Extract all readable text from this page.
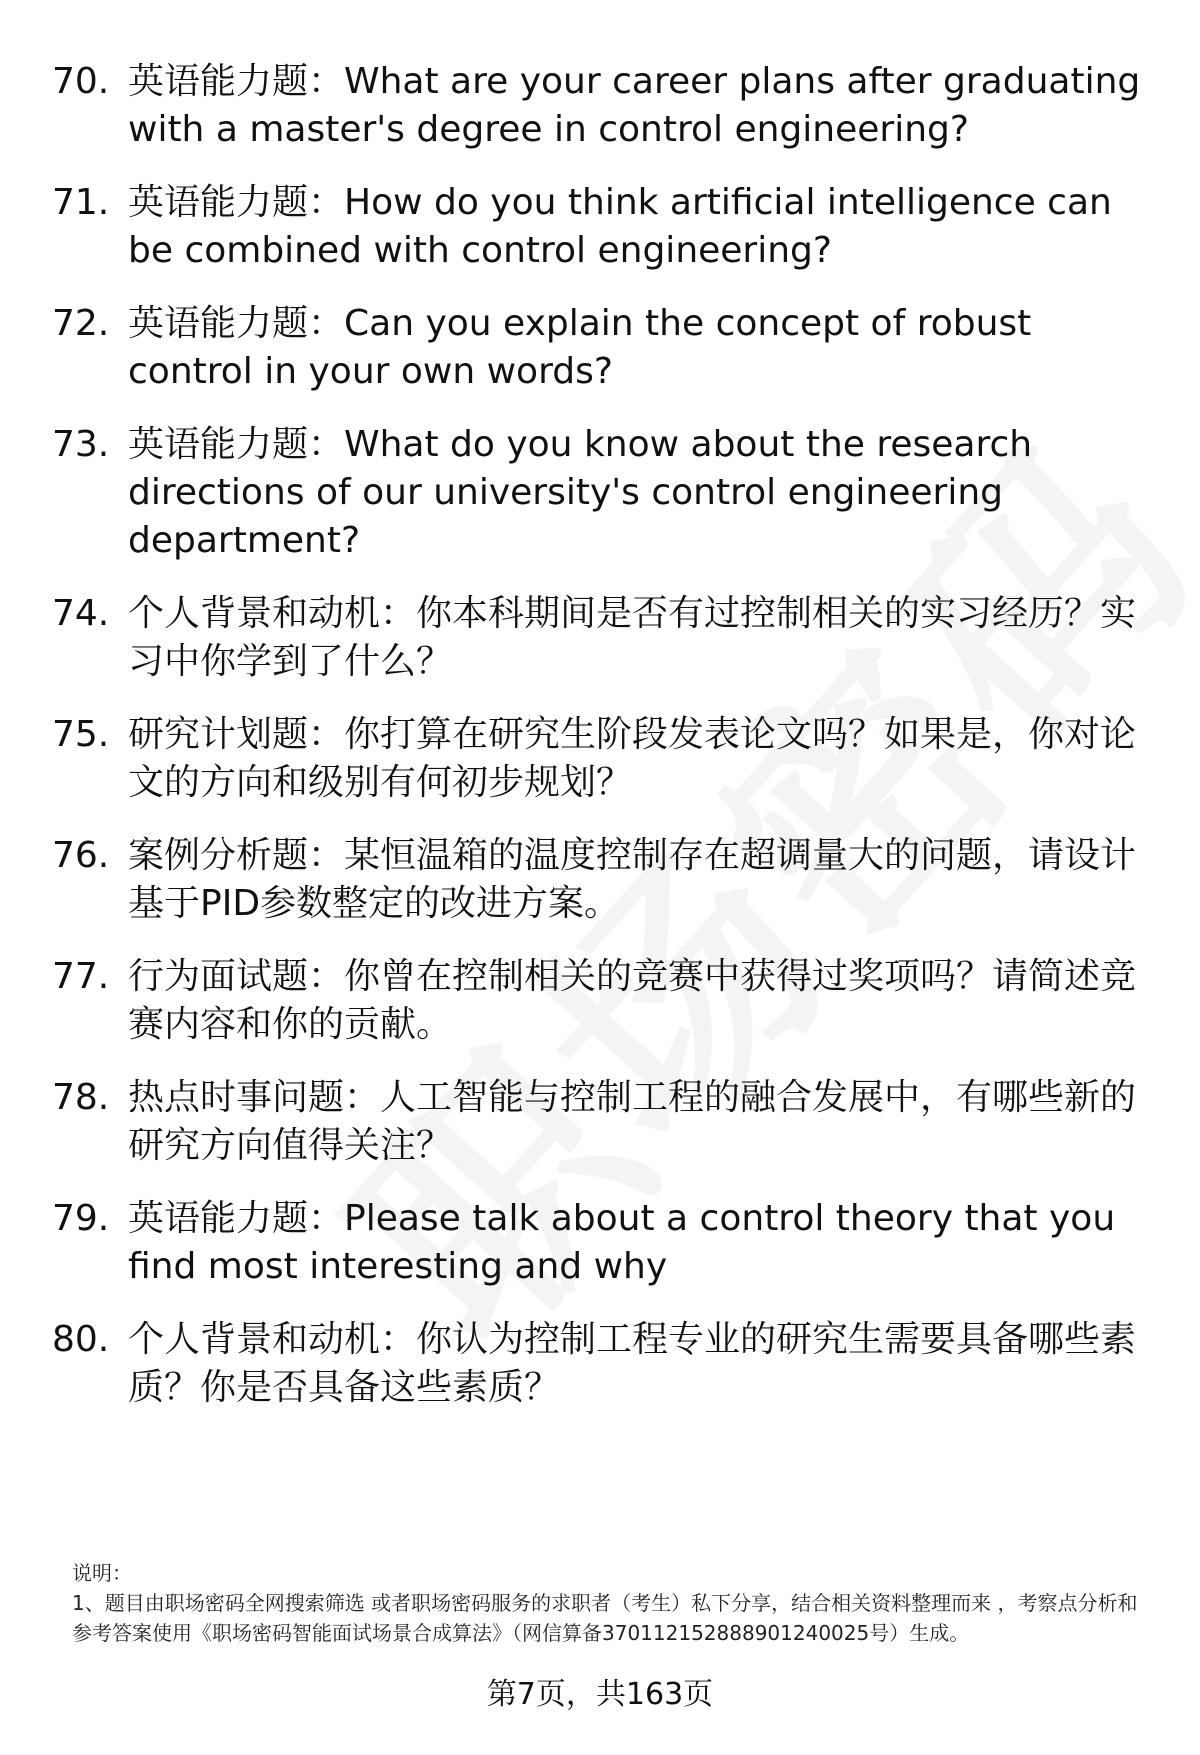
70. 英语能力题：What are your career plans after graduating with a master's degree in control engineering?
71. 英语能力题：How do you think artificial intelligence can be combined with control engineering?
72. 英语能力题：Can you explain the concept of robust control in your own words?
73. 英语能力题：What do you know about the research directions of our university's control engineering department?
74. 个人背景和动机：你本科期间是否有过控制相关的实习经历？实习中你学到了什么？
75. 研究计划题：你打算在研究生阶段发表论文吗？如果是，你对论文的方向和级别有何初步规划？
76. 案例分析题：某恒温箱的温度控制存在超调量大的问题，请设计基于PID参数整定的改进方案。
77. 行为面试题：你曾在控制相关的竞赛中获得过奖项吗？请简述竞赛内容和你的贡献。
78. 热点时事问题：人工智能与控制工程的融合发展中，有哪些新的研究方向值得关注？
79. 英语能力题：Please talk about a control theory that you find most interesting and why
80. 个人背景和动机：你认为控制工程专业的研究生需要具备哪些素质？你是否具备这些素质？
说明：
1、题目由职场密码全网搜索筛选 或者职场密码服务的求职者（考生）私下分享，结合相关资料整理而来 ，考察点分析和参考答案使用《职场密码智能面试场景合成算法》（网信算备370112152888901240025号）生成。
第7页，共163页
